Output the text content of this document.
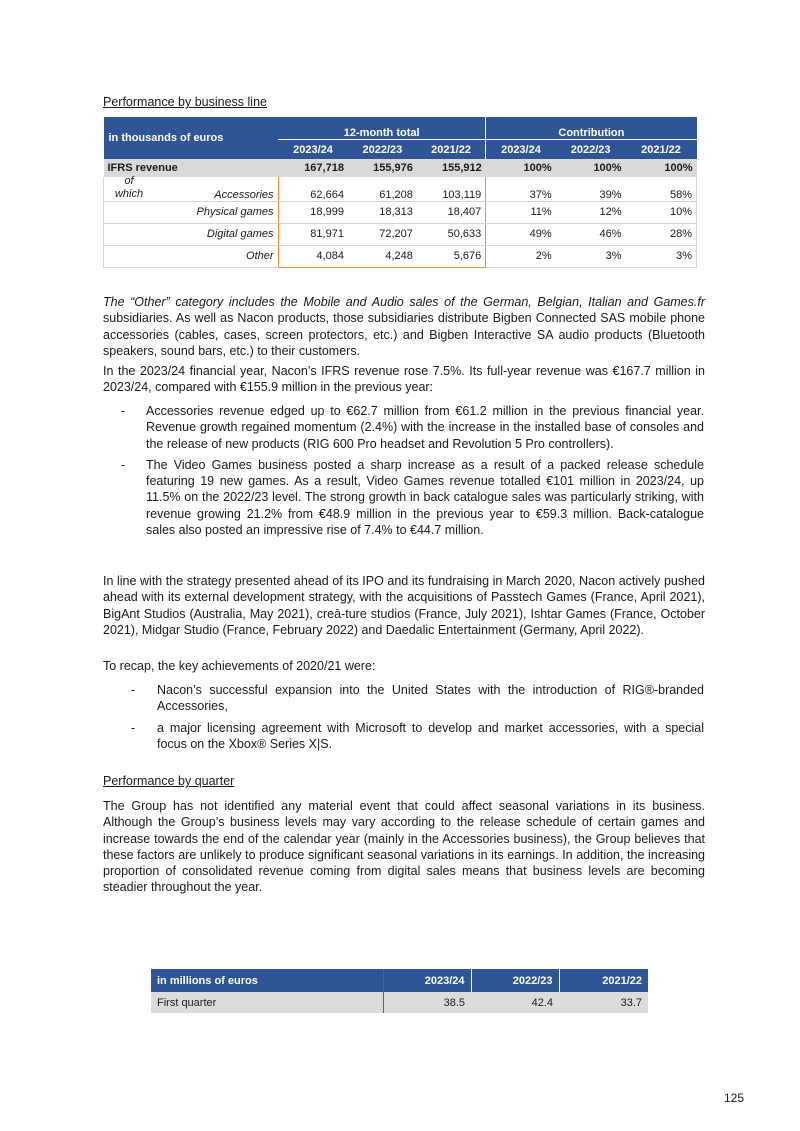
Performance by business line
in thousands of euros	12-month total			Contribution		
	2023/24	2022/23	2021/22	2023/24	2022/23	2021/22
IFRS revenue	167,718	155,976	155,912	100%	100%	100%

of which Accessories	62,664	61,208	103,119	37%	39%	58%
Physical games	18,999	18,313	18,407	11%	12%	10%
Digital games	81,971	72,207	50,633	49%	46%	28%
Other	4,084	4,248	5,676	2%	3%	3%

The “Other” category includes the Mobile and Audio sales of the German, Belgian, Italian and Games.fr subsidiaries. As well as Nacon products, those subsidiaries distribute Bigben Connected SAS mobile phone accessories (cables, cases, screen protectors, etc.) and Bigben Interactive SA audio products (Bluetooth speakers, sound bars, etc.) to their customers.

In the 2023/24 financial year, Nacon’s IFRS revenue rose 7.5%. Its full-year revenue was €167.7 million in 2023/24, compared with €155.9 million in the previous year:

- Accessories revenue edged up to €62.7 million from €61.2 million in the previous financial year. Revenue growth regained momentum (2.4%) with the increase in the installed base of consoles and the release of new products (RIG 600 Pro headset and Revolution 5 Pro controllers).
- The Video Games business posted a sharp increase as a result of a packed release schedule featuring 19 new games. As a result, Video Games revenue totalled €101 million in 2023/24, up 11.5% on the 2022/23 level. The strong growth in back catalogue sales was particularly striking, with revenue growing 21.2% from €48.9 million in the previous year to €59.3 million. Back-catalogue sales also posted an impressive rise of 7.4% to €44.7 million.

In line with the strategy presented ahead of its IPO and its fundraising in March 2020, Nacon actively pushed ahead with its external development strategy, with the acquisitions of Passtech Games (France, April 2021), BigAnt Studios (Australia, May 2021), creā-ture studios (France, July 2021), Ishtar Games (France, October 2021), Midgar Studio (France, February 2022) and Daedalic Entertainment (Germany, April 2022).

To recap, the key achievements of 2020/21 were:

- Nacon’s successful expansion into the United States with the introduction of RIG®-branded Accessories,
- a major licensing agreement with Microsoft to develop and market accessories, with a special focus on the Xbox® Series X|S.
Performance by quarter

The Group has not identified any material event that could affect seasonal variations in its business. Although the Group’s business levels may vary according to the release schedule of certain games and increase towards the end of the calendar year (mainly in the Accessories business), the Group believes that these factors are unlikely to produce significant seasonal variations in its earnings. In addition, the increasing proportion of consolidated revenue coming from digital sales means that business levels are becoming steadier throughout the year.

in millions of euros	2023/24	2022/23	2021/22
First quarter	38.5	42.4	33.7
125
